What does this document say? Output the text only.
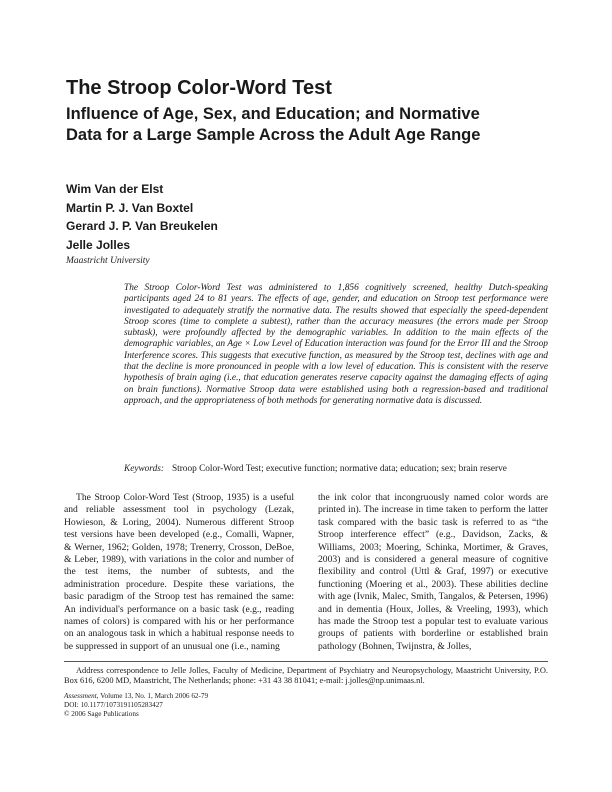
The Stroop Color-Word Test
Influence of Age, Sex, and Education; and Normative
Data for a Large Sample Across the Adult Age Range
Wim Van der Elst
Martin P. J. Van Boxtel
Gerard J. P. Van Breukelen
Jelle Jolles
Maastricht University

The Stroop Color-Word Test was administered to 1,856 cognitively screened, healthy Dutch-speaking participants aged 24 to 81 years. The effects of age, gender, and education on Stroop test performance were investigated to adequately stratify the normative data. The results showed that especially the speed-dependent Stroop scores (time to complete a subtest), rather than the accuracy measures (the errors made per Stroop subtask), were profoundly affected by the demographic variables. In addition to the main effects of the demographic variables, an Age × Low Level of Education interaction was found for the Error III and the Stroop Interference scores. This suggests that executive function, as measured by the Stroop test, declines with age and that the decline is more pronounced in people with a low level of education. This is consistent with the reserve hypothesis of brain aging (i.e., that education generates reserve capacity against the damaging effects of aging on brain functions). Normative Stroop data were established using both a regression-based and traditional approach, and the appropriateness of both methods for generating normative data is discussed.

Keywords: Stroop Color-Word Test; executive function; normative data; education; sex; brain reserve

The Stroop Color-Word Test (Stroop, 1935) is a useful and reliable assessment tool in psychology (Lezak, Howieson, & Loring, 2004). Numerous different Stroop test versions have been developed (e.g., Comalli, Wapner, & Werner, 1962; Golden, 1978; Trenerry, Crosson, DeBoe, & Leber, 1989), with variations in the color and number of the test items, the number of subtests, and the administration procedure. Despite these variations, the basic paradigm of the Stroop test has remained the same: An individual's performance on a basic task (e.g., reading names of colors) is compared with his or her performance on an analogous task in which a habitual response needs to be suppressed in support of an unusual one (i.e., naming

the ink color that incongruously named color words are printed in). The increase in time taken to perform the latter task compared with the basic task is referred to as “the Stroop interference effect” (e.g., Davidson, Zacks, & Williams, 2003; Moering, Schinka, Mortimer, & Graves, 2003) and is considered a general measure of cognitive flexibility and control (Uttl & Graf, 1997) or executive functioning (Moering et al., 2003). These abilities decline with age (Ivnik, Malec, Smith, Tangalos, & Petersen, 1996) and in dementia (Houx, Jolles, & Vreeling, 1993), which has made the Stroop test a popular test to evaluate various groups of patients with borderline or established brain pathology (Bohnen, Twijnstra, & Jolles,

Address correspondence to Jelle Jolles, Faculty of Medicine, Department of Psychiatry and Neuropsychology, Maastricht University, P.O. Box 616, 6200 MD, Maastricht, The Netherlands; phone: +31 43 38 81041; e-mail: j.jolles@np.unimaas.nl.

Assessment, Volume 13, No. 1, March 2006 62-79
DOI: 10.1177/1073191105283427
© 2006 Sage Publications
